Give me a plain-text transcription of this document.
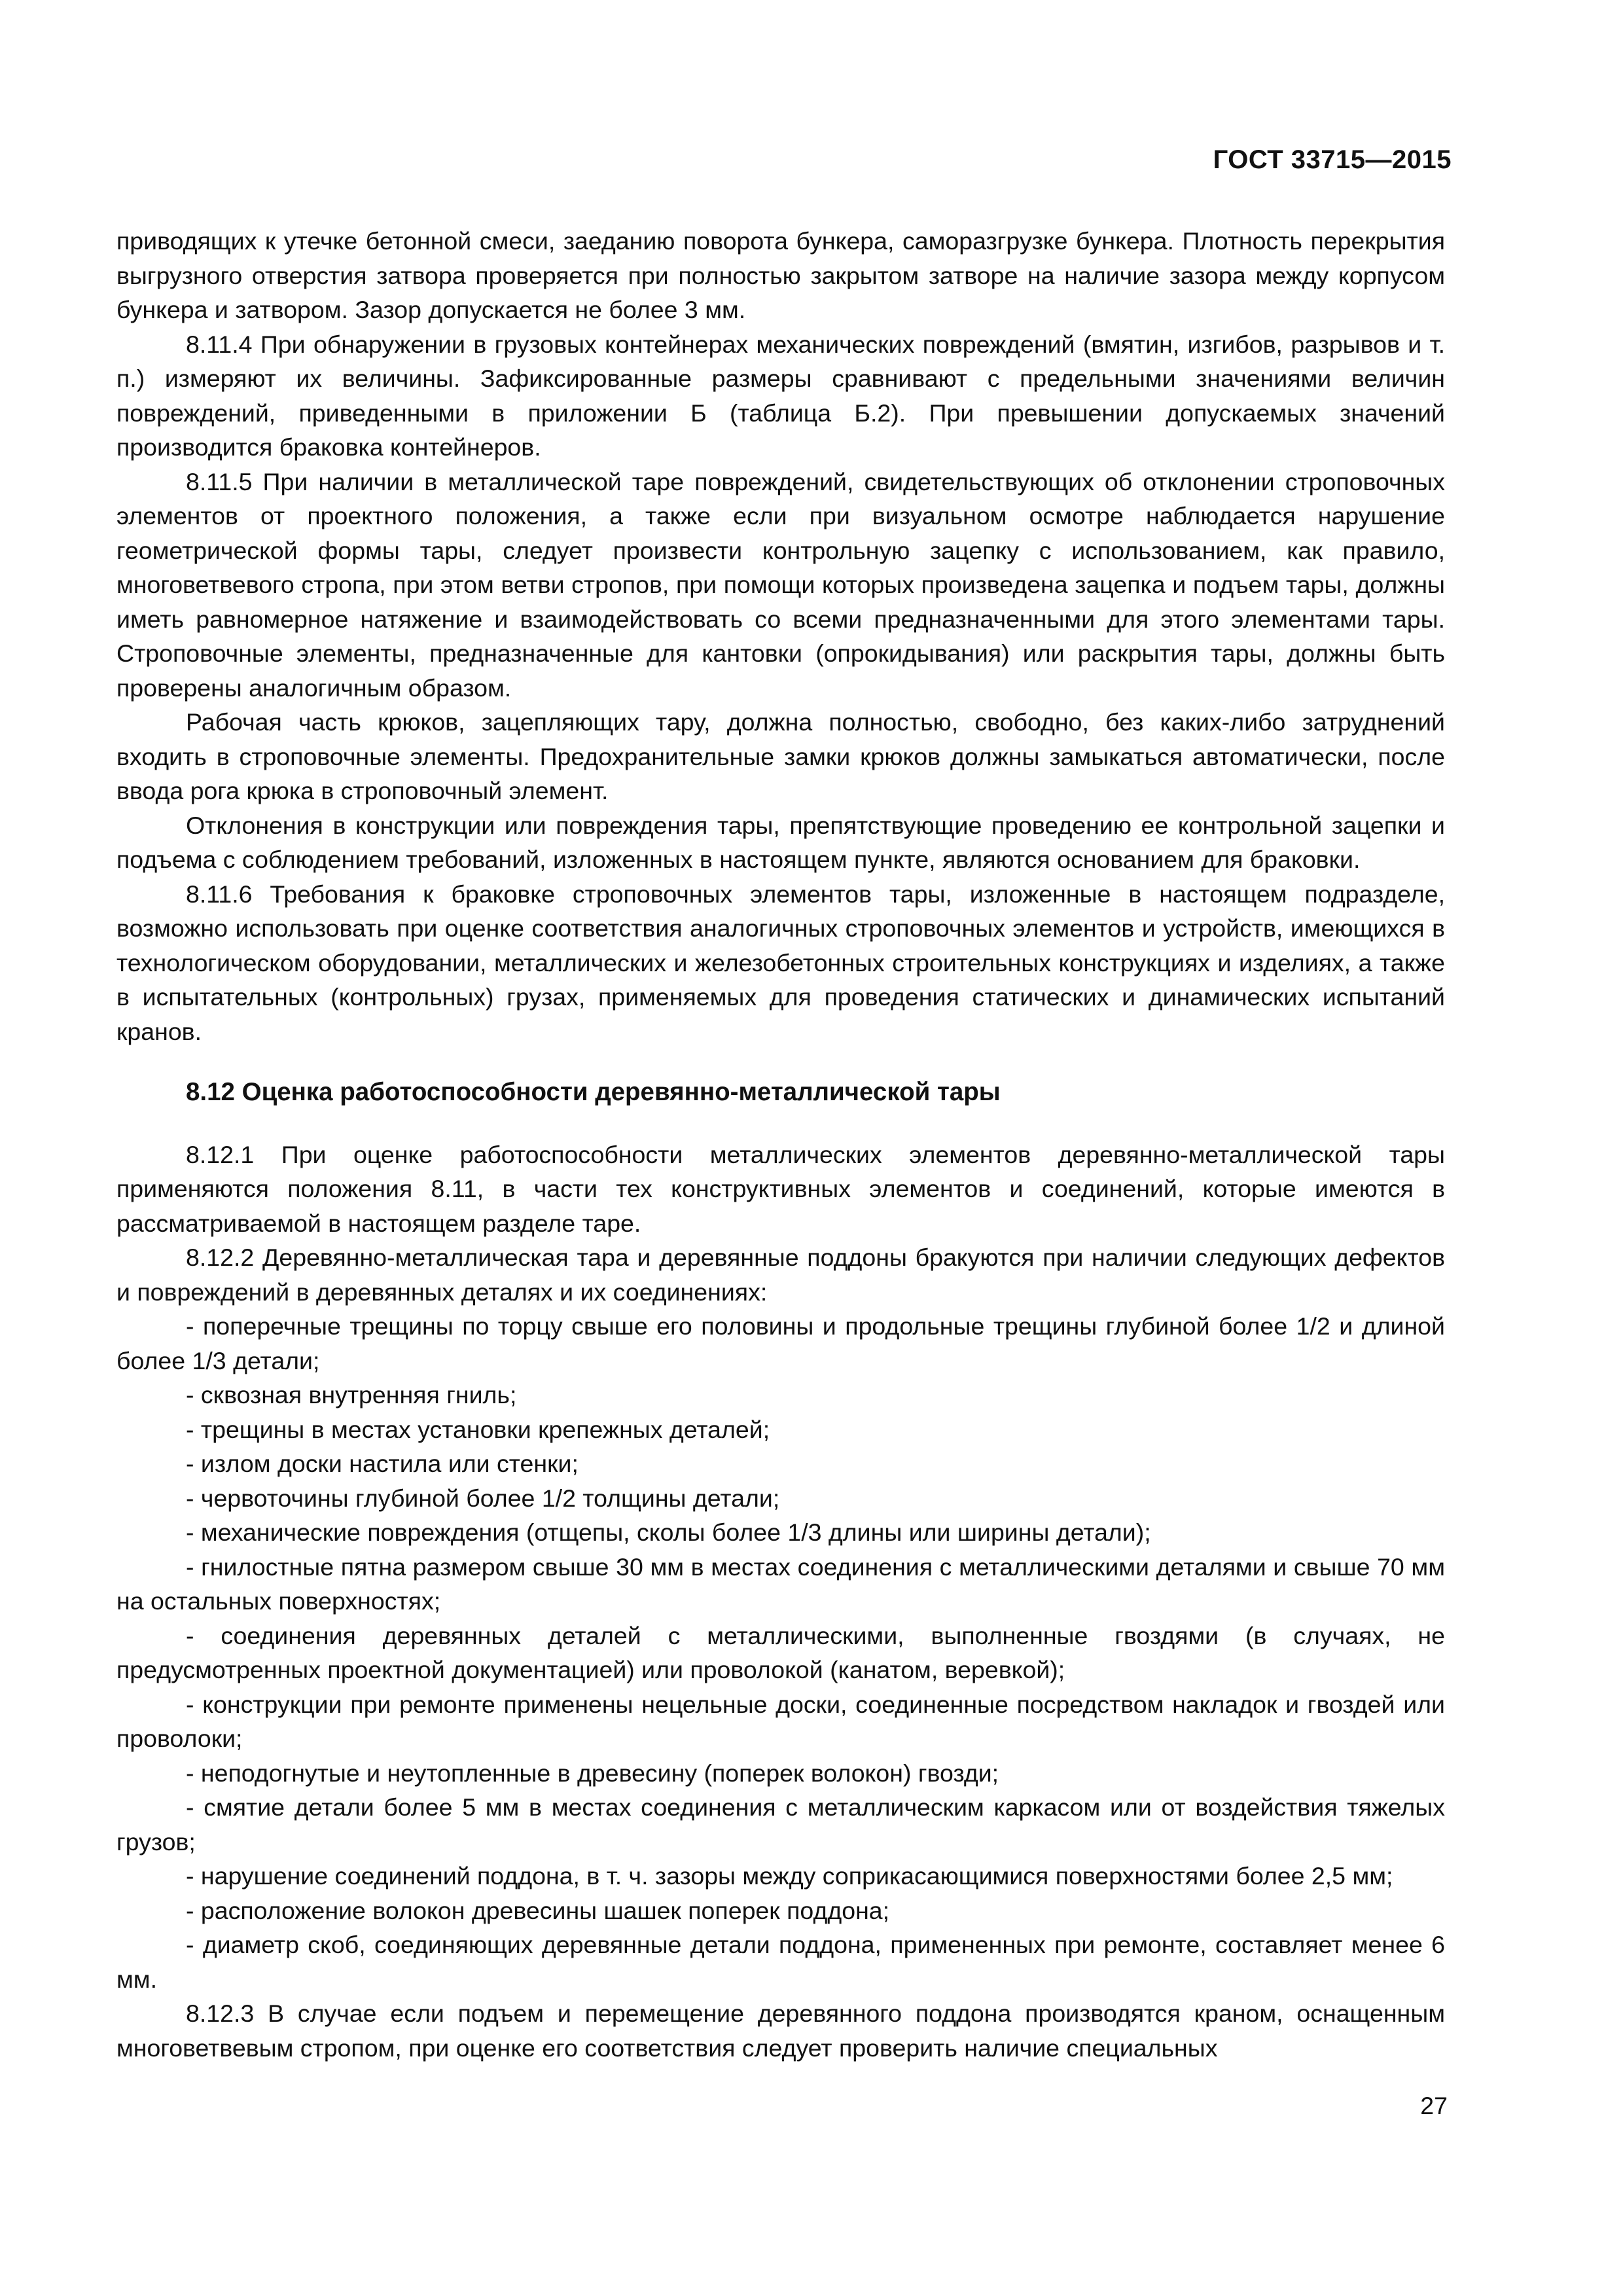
ГОСТ 33715—2015

приводящих к утечке бетонной смеси, заеданию поворота бункера, саморазгрузке бункера. Плотность перекрытия выгрузного отверстия затвора проверяется при полностью закрытом затворе на наличие зазора между корпусом бункера и затвором. Зазор допускается не более 3 мм.

8.11.4 При обнаружении в грузовых контейнерах механических повреждений (вмятин, изгибов, разрывов и т. п.) измеряют их величины. Зафиксированные размеры сравнивают с предельными значениями величин повреждений, приведенными в приложении Б (таблица Б.2). При превышении допускаемых значений производится браковка контейнеров.

8.11.5 При наличии в металлической таре повреждений, свидетельствующих об отклонении строповочных элементов от проектного положения, а также если при визуальном осмотре наблюдается нарушение геометрической формы тары, следует произвести контрольную зацепку с использованием, как правило, многоветвевого стропа, при этом ветви стропов, при помощи которых произведена зацепка и подъем тары, должны иметь равномерное натяжение и взаимодействовать со всеми предназначенными для этого элементами тары. Строповочные элементы, предназначенные для кантовки (опрокидывания) или раскрытия тары, должны быть проверены аналогичным образом.

Рабочая часть крюков, зацепляющих тару, должна полностью, свободно, без каких-либо затруднений входить в строповочные элементы. Предохранительные замки крюков должны замыкаться автоматически, после ввода рога крюка в строповочный элемент.

Отклонения в конструкции или повреждения тары, препятствующие проведению ее контрольной зацепки и подъема с соблюдением требований, изложенных в настоящем пункте, являются основанием для браковки.

8.11.6 Требования к браковке строповочных элементов тары, изложенные в настоящем подразделе, возможно использовать при оценке соответствия аналогичных строповочных элементов и устройств, имеющихся в технологическом оборудовании, металлических и железобетонных строительных конструкциях и изделиях, а также в испытательных (контрольных) грузах, применяемых для проведения статических и динамических испытаний кранов.

8.12 Оценка работоспособности деревянно-металлической тары

8.12.1 При оценке работоспособности металлических элементов деревянно-металлической тары применяются положения 8.11, в части тех конструктивных элементов и соединений, которые имеются в рассматриваемой в настоящем разделе таре.

8.12.2 Деревянно-металлическая тара и деревянные поддоны бракуются при наличии следующих дефектов и повреждений в деревянных деталях и их соединениях:

- поперечные трещины по торцу свыше его половины и продольные трещины глубиной более 1/2 и длиной более 1/3 детали;

- сквозная внутренняя гниль;

- трещины в местах установки крепежных деталей;

- излом доски настила или стенки;

- червоточины глубиной более 1/2 толщины детали;

- механические повреждения (отщепы, сколы более 1/3 длины или ширины детали);

- гнилостные пятна размером свыше 30 мм в местах соединения с металлическими деталями и свыше 70 мм на остальных поверхностях;

- соединения деревянных деталей с металлическими, выполненные гвоздями (в случаях, не предусмотренных проектной документацией) или проволокой (канатом, веревкой);

- конструкции при ремонте применены нецельные доски, соединенные посредством накладок и гвоздей или проволоки;

- неподогнутые и неутопленные в древесину (поперек волокон) гвозди;

- смятие детали более 5 мм в местах соединения с металлическим каркасом или от воздействия тяжелых грузов;

- нарушение соединений поддона, в т. ч. зазоры между соприкасающимися поверхностями более 2,5 мм;

- расположение волокон древесины шашек поперек поддона;

- диаметр скоб, соединяющих деревянные детали поддона, примененных при ремонте, составляет менее 6 мм.

8.12.3 В случае если подъем и перемещение деревянного поддона производятся краном, оснащенным многоветвевым стропом, при оценке его соответствия следует проверить наличие специальных

27
